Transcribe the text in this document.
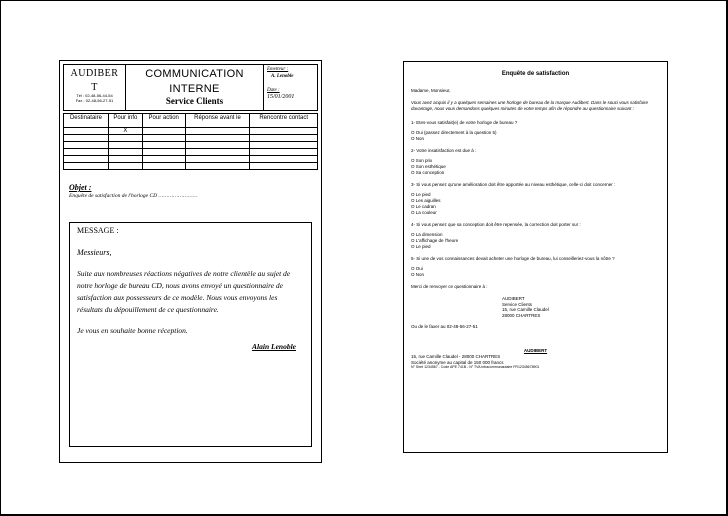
AUDIBER
T
Tél : 02-48-56-44-54
Fax : 02-48-56-27-51
COMMUNICATION
INTERNE
Service Clients
Emetteur :
A. Lenoble
Date :
15/01/2001
Destinataire	Pour info	Pour action	Réponse avant le	Rencontre contact
	X			

Objet :
Enquête de satisfaction de l'horloge CD ……………………
MESSAGE :
Messieurs,
Suite aux nombreuses réactions négatives de notre clientèle au sujet de notre horloge de bureau CD, nous avons envoyé un questionnaire de satisfaction aux possesseurs de ce modèle. Nous vous envoyons les résultats du dépouillement de ce questionnaire.
Je vous en souhaite bonne réception.
Alain Lenoble
Enquête de satisfaction
Madame, Monsieur,
Vous avez acquis il y a quelques semaines une horloge de bureau de la marque Audibert. Dans le souci vous satisfaire davantage, nous vous demandons quelques minutes de votre temps afin de répondre au questionnaire suivant :
1- Etes-vous satisfait(e) de votre horloge de bureau ?
O Oui (passez directement à la question 5)
O Non
2- Votre insatisfaction est due à :
O Son prix
O Son esthétique
O Sa conception
3- Si vous pensez qu'une amélioration doit être apportée au niveau esthétique, celle-ci doit concerner :
O Le pied
O Les aiguilles
O Le cadran
O La couleur
4- Si vous pensez que sa conception doit être repensée, la correction doit porter sur :
O La dimension
O L'affichage de l'heure
O Le pied
5- Si une de vos connaissances devait acheter une horloge de bureau, lui conseilleriez-vous la nôtre ?
O Oui
O Non
Merci de renvoyer ce questionnaire à :
AUDIBERT
Service Clients
15, rue Camille Claudel
28000 CHARTRES
Ou de le faxer au 02-48-56-27-51
AUDIBERT
15, rue Camille Claudel - 28000 CHARTRES
Société anonyme au capital de 150 000 francs
N° Siret 1234567 - Code APE 741B - N° TVA intracommunautaire FR12345678901
